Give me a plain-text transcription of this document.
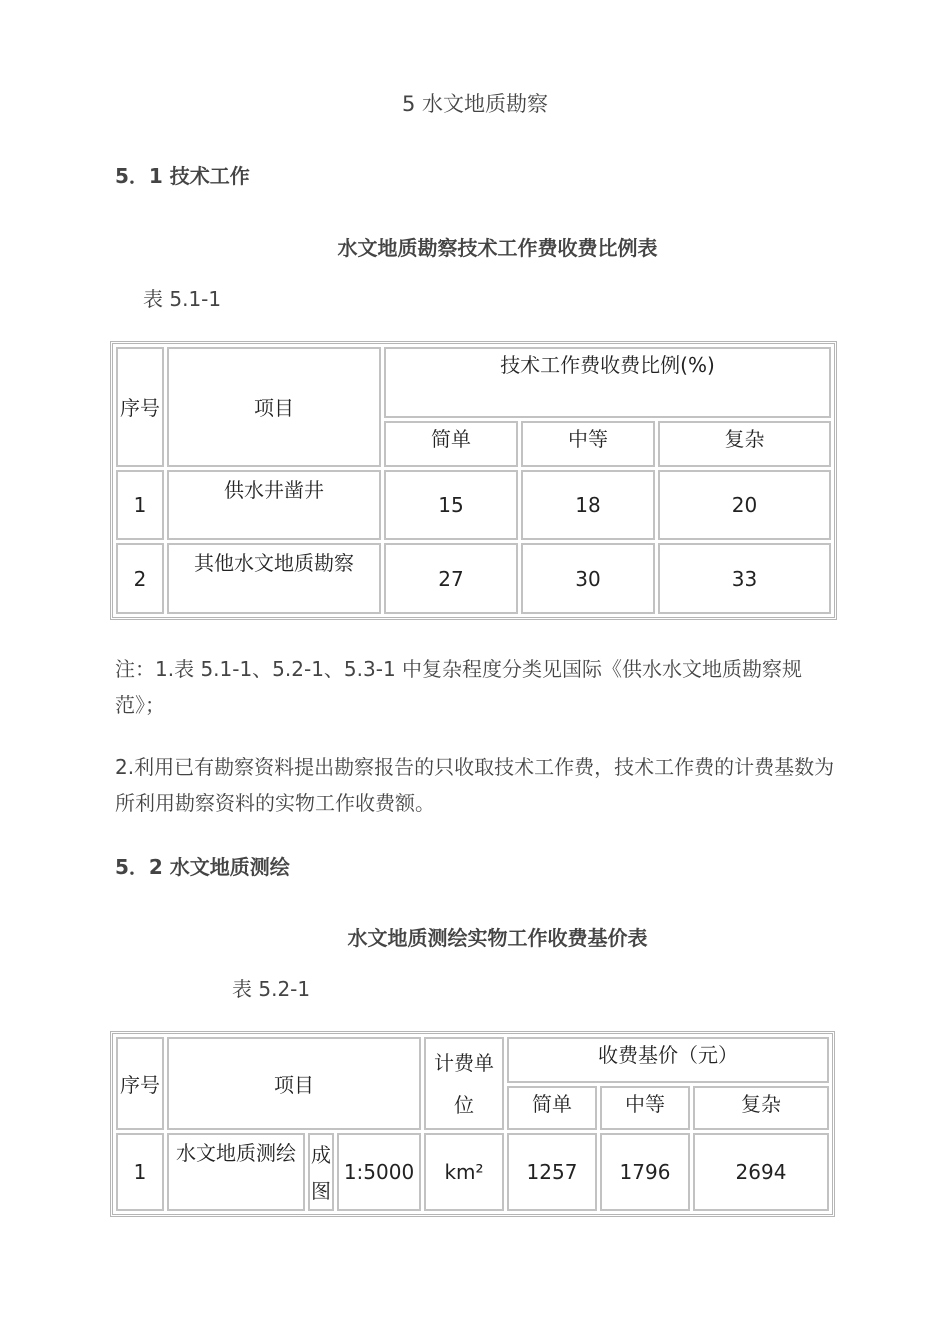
5 水文地质勘察
5．1 技术工作
水文地质勘察技术工作费收费比例表
表 5.1-1
序号	项目	技术工作费收费比例(%)		
		简单	中等	复杂
1	供水井凿井	15	18	20
2	其他水文地质勘察	27	30	33
注：1.表 5.1-1、5.2-1、5.3-1 中复杂程度分类见国际《供水水文地质勘察规范》；
2.利用已有勘察资料提出勘察报告的只收取技术工作费，技术工作费的计费基数为所利用勘察资料的实物工作收费额。
5．2 水文地质测绘
水文地质测绘实物工作收费基价表
表 5.2-1
序号	项目			计费单位	收费基价（元）		
					简单	中等	复杂
1	水文地质测绘	成图	1:5000	km²	1257	1796	2694
